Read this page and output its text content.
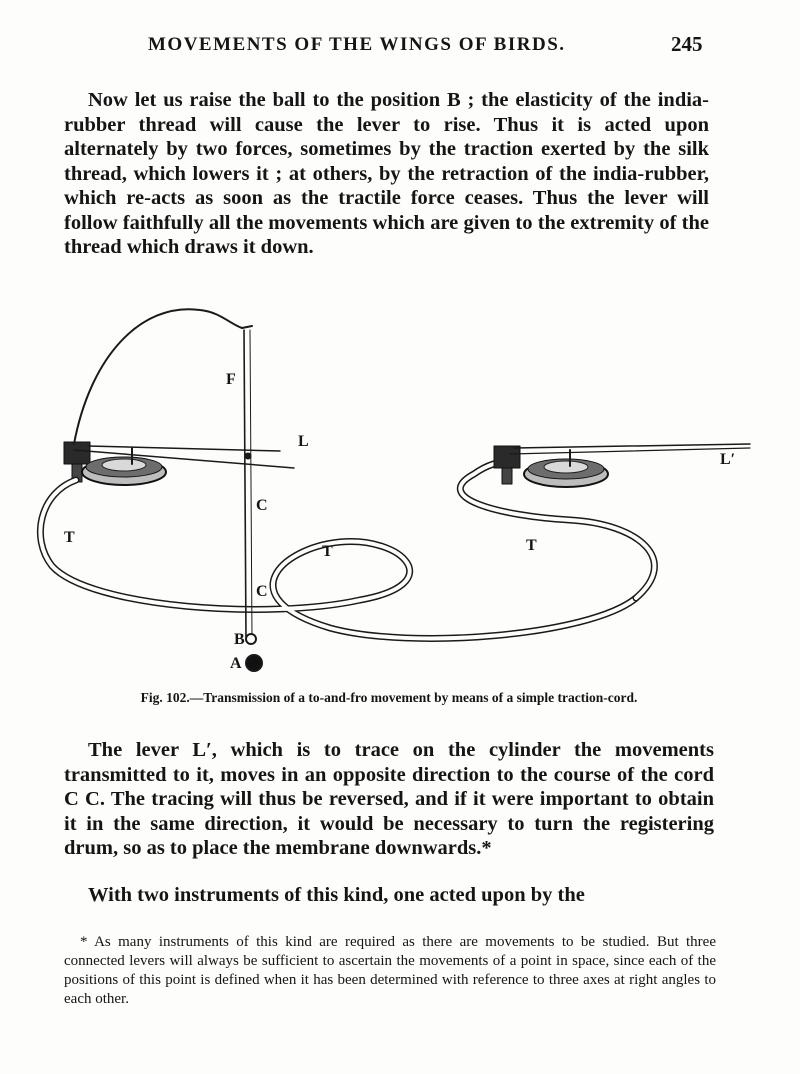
MOVEMENTS OF THE WINGS OF BIRDS.	245

Now let us raise the ball to the position B ; the elasticity of the india-rubber thread will cause the lever to rise. Thus it is acted upon alternately by two forces, sometimes by the traction exerted by the silk thread, which lowers it ; at others, by the retraction of the india-rubber, which re-acts as soon as the tractile force ceases. Thus the lever will follow faithfully all the movements which are given to the extremity of the thread which draws it down.

F
L
L′
C
C
T
T	T
B
A
Fig. 102.—Transmission of a to-and-fro movement by means of a simple traction-cord.

The lever L′, which is to trace on the cylinder the movements transmitted to it, moves in an opposite direction to the course of the cord C C. The tracing will thus be reversed, and if it were important to obtain it in the same direction, it would be necessary to turn the registering drum, so as to place the membrane downwards.*

With two instruments of this kind, one acted upon by the

* As many instruments of this kind are required as there are movements to be studied. But three connected levers will always be sufficient to ascertain the movements of a point in space, since each of the positions of this point is defined when it has been determined with reference to three axes at right angles to each other.
